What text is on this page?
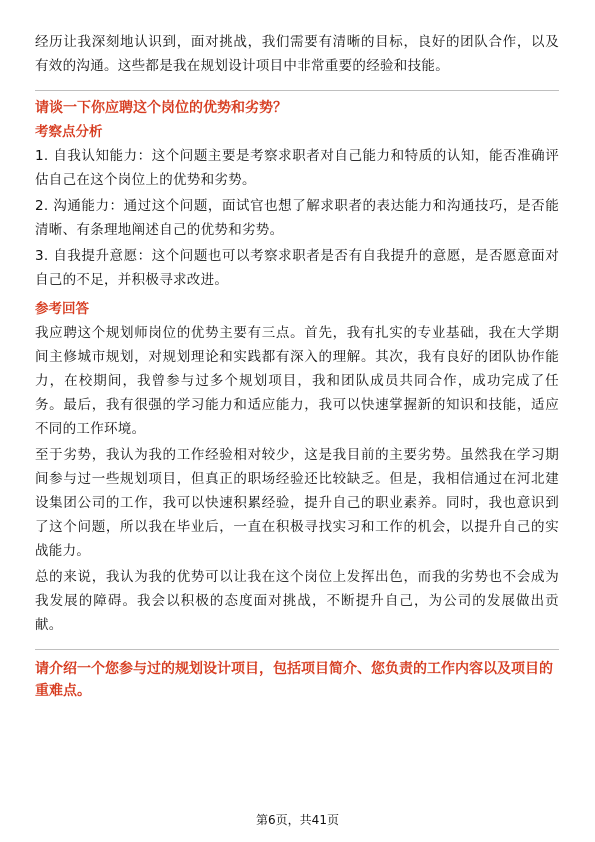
经历让我深刻地认识到，面对挑战，我们需要有清晰的目标，良好的团队合作，以及有效的沟通。这些都是我在规划设计项目中非常重要的经验和技能。

请谈一下你应聘这个岗位的优势和劣势？
考察点分析

1. 自我认知能力：这个问题主要是考察求职者对自己能力和特质的认知，能否准确评估自己在这个岗位上的优势和劣势。

2. 沟通能力：通过这个问题，面试官也想了解求职者的表达能力和沟通技巧，是否能清晰、有条理地阐述自己的优势和劣势。

3. 自我提升意愿：这个问题也可以考察求职者是否有自我提升的意愿，是否愿意面对自己的不足，并积极寻求改进。

参考回答

我应聘这个规划师岗位的优势主要有三点。首先，我有扎实的专业基础，我在大学期间主修城市规划，对规划理论和实践都有深入的理解。其次，我有良好的团队协作能力，在校期间，我曾参与过多个规划项目，我和团队成员共同合作，成功完成了任务。最后，我有很强的学习能力和适应能力，我可以快速掌握新的知识和技能，适应不同的工作环境。

至于劣势，我认为我的工作经验相对较少，这是我目前的主要劣势。虽然我在学习期间参与过一些规划项目，但真正的职场经验还比较缺乏。但是，我相信通过在河北建设集团公司的工作，我可以快速积累经验，提升自己的职业素养。同时，我也意识到了这个问题，所以我在毕业后，一直在积极寻找实习和工作的机会，以提升自己的实战能力。

总的来说，我认为我的优势可以让我在这个岗位上发挥出色，而我的劣势也不会成为我发展的障碍。我会以积极的态度面对挑战，不断提升自己，为公司的发展做出贡献。

请介绍一个您参与过的规划设计项目，包括项目简介、您负责的工作内容以及项目的重难点。
第6页，共41页
